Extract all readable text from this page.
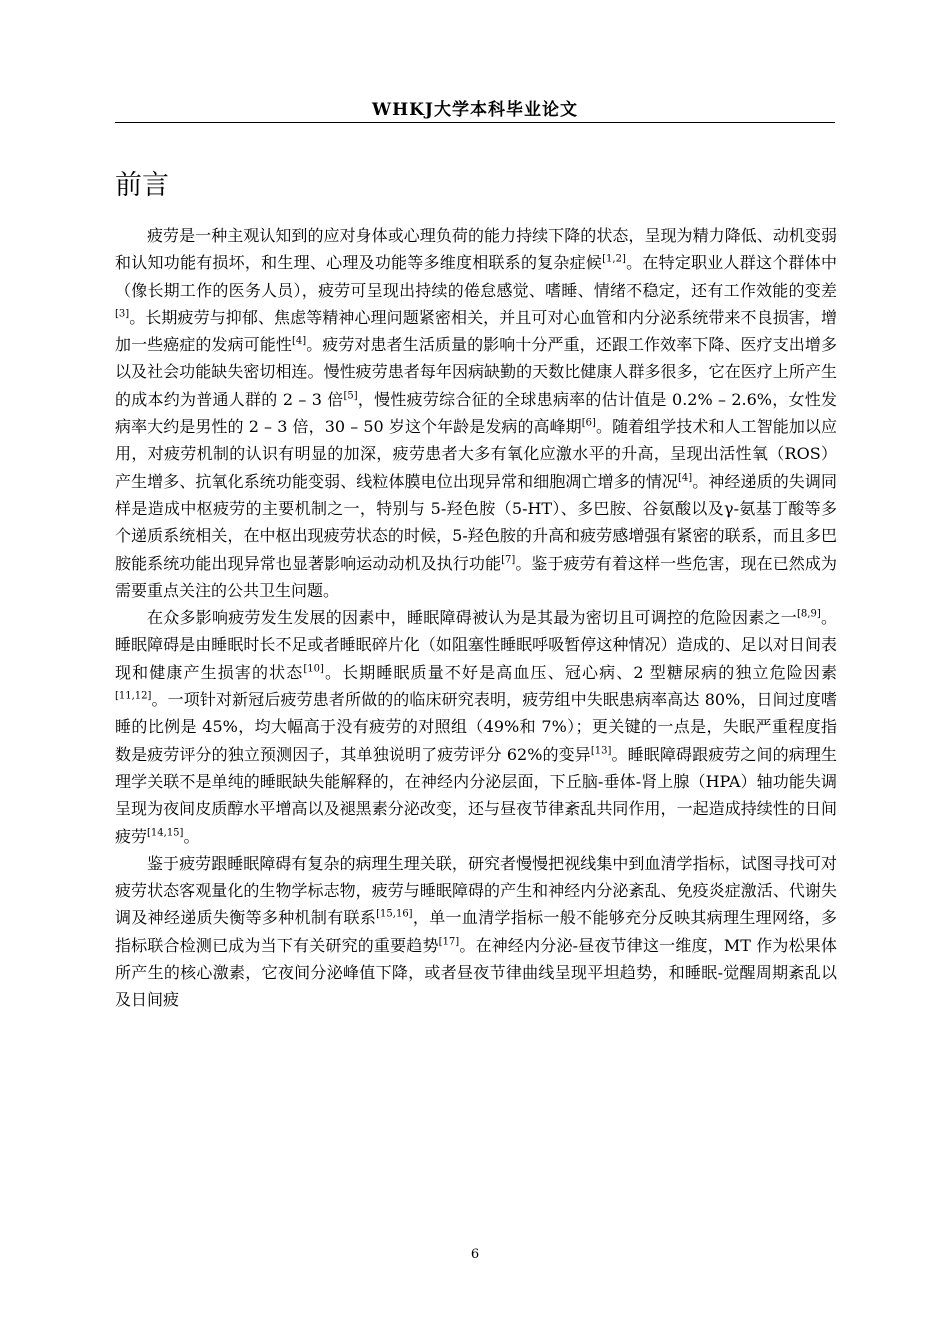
WHKJ大学本科毕业论文
前言

疲劳是一种主观认知到的应对身体或心理负荷的能力持续下降的状态，呈现为精力降低、动机变弱和认知功能有损坏，和生理、心理及功能等多维度相联系的复杂症候[1,2]。在特定职业人群这个群体中（像长期工作的医务人员），疲劳可呈现出持续的倦怠感觉、嗜睡、情绪不稳定，还有工作效能的变差[3]。长期疲劳与抑郁、焦虑等精神心理问题紧密相关，并且可对心血管和内分泌系统带来不良损害，增加一些癌症的发病可能性[4]。疲劳对患者生活质量的影响十分严重，还跟工作效率下降、医疗支出增多以及社会功能缺失密切相连。慢性疲劳患者每年因病缺勤的天数比健康人群多很多，它在医疗上所产生的成本约为普通人群的 2 – 3 倍[5]，慢性疲劳综合征的全球患病率的估计值是 0.2% – 2.6%，女性发病率大约是男性的 2 – 3 倍，30 – 50 岁这个年龄是发病的高峰期[6]。随着组学技术和人工智能加以应用，对疲劳机制的认识有明显的加深，疲劳患者大多有氧化应激水平的升高，呈现出活性氧（ROS）产生增多、抗氧化系统功能变弱、线粒体膜电位出现异常和细胞凋亡增多的情况[4]。神经递质的失调同样是造成中枢疲劳的主要机制之一，特别与 5-羟色胺（5-HT）、多巴胺、谷氨酸以及γ-氨基丁酸等多个递质系统相关，在中枢出现疲劳状态的时候，5-羟色胺的升高和疲劳感增强有紧密的联系，而且多巴胺能系统功能出现异常也显著影响运动动机及执行功能[7]。鉴于疲劳有着这样一些危害，现在已然成为需要重点关注的公共卫生问题。

在众多影响疲劳发生发展的因素中，睡眠障碍被认为是其最为密切且可调控的危险因素之一[8,9]。睡眠障碍是由睡眠时长不足或者睡眠碎片化（如阻塞性睡眠呼吸暂停这种情况）造成的、足以对日间表现和健康产生损害的状态[10]。长期睡眠质量不好是高血压、冠心病、2 型糖尿病的独立危险因素[11,12]。一项针对新冠后疲劳患者所做的的临床研究表明，疲劳组中失眠患病率高达 80%，日间过度嗜睡的比例是 45%，均大幅高于没有疲劳的对照组（49%和 7%）；更关键的一点是，失眠严重程度指数是疲劳评分的独立预测因子，其单独说明了疲劳评分 62%的变异[13]。睡眠障碍跟疲劳之间的病理生理学关联不是单纯的睡眠缺失能解释的，在神经内分泌层面，下丘脑-垂体-肾上腺（HPA）轴功能失调呈现为夜间皮质醇水平增高以及褪黑素分泌改变，还与昼夜节律紊乱共同作用，一起造成持续性的日间疲劳[14,15]。

鉴于疲劳跟睡眠障碍有复杂的病理生理关联，研究者慢慢把视线集中到血清学指标，试图寻找可对疲劳状态客观量化的生物学标志物，疲劳与睡眠障碍的产生和神经内分泌紊乱、免疫炎症激活、代谢失调及神经递质失衡等多种机制有联系[15,16]，单一血清学指标一般不能够充分反映其病理生理网络，多指标联合检测已成为当下有关研究的重要趋势[17]。在神经内分泌-昼夜节律这一维度，MT 作为松果体所产生的核心激素，它夜间分泌峰值下降，或者昼夜节律曲线呈现平坦趋势，和睡眠-觉醒周期紊乱以及日间疲

6
